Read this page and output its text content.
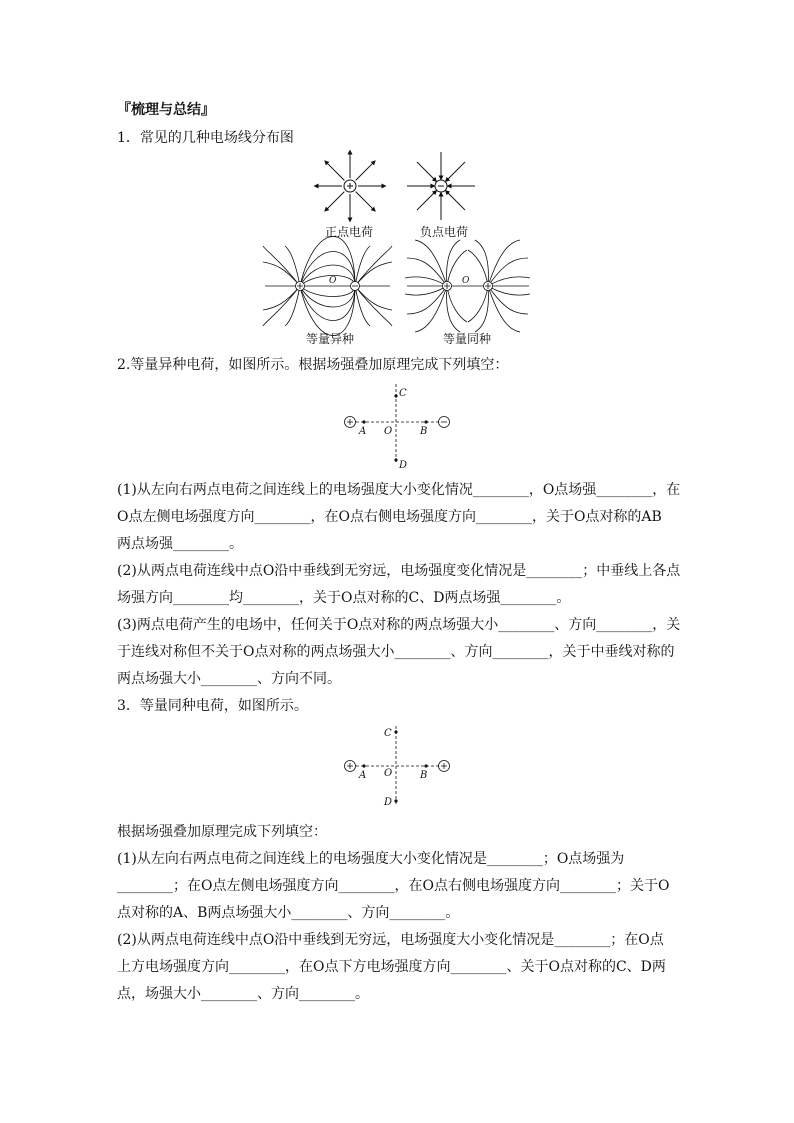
『梳理与总结』
1．常见的几种电场线分布图
O	O
正点电荷	负点电荷
等量异种	等量同种
2.等量异种电荷，如图所示。根据场强叠加原理完成下列填空：
A O	B
C
D
(1)从左向右两点电荷之间连线上的电场强度大小变化情况________，O点场强________，在
O点左侧电场强度方向________，在O点右侧电场强度方向________，关于O点对称的AB
两点场强________。
(2)从两点电荷连线中点O沿中垂线到无穷远，电场强度变化情况是________；中垂线上各点
场强方向________均________，关于O点对称的C、D两点场强________。
(3)两点电荷产生的电场中，任何关于O点对称的两点场强大小________、方向________，关
于连线对称但不关于O点对称的两点场强大小________、方向________，关于中垂线对称的
两点场强大小________、方向不同。
3．等量同种电荷，如图所示。
A O	B
C
D
根据场强叠加原理完成下列填空：
(1)从左向右两点电荷之间连线上的电场强度大小变化情况是________；O点场强为
________；在O点左侧电场强度方向________，在O点右侧电场强度方向________；关于O
点对称的A、B两点场强大小________、方向________。
(2)从两点电荷连线中点O沿中垂线到无穷远，电场强度大小变化情况是________；在O点
上方电场强度方向________，在O点下方电场强度方向________、关于O点对称的C、D两
点，场强大小________、方向________。
